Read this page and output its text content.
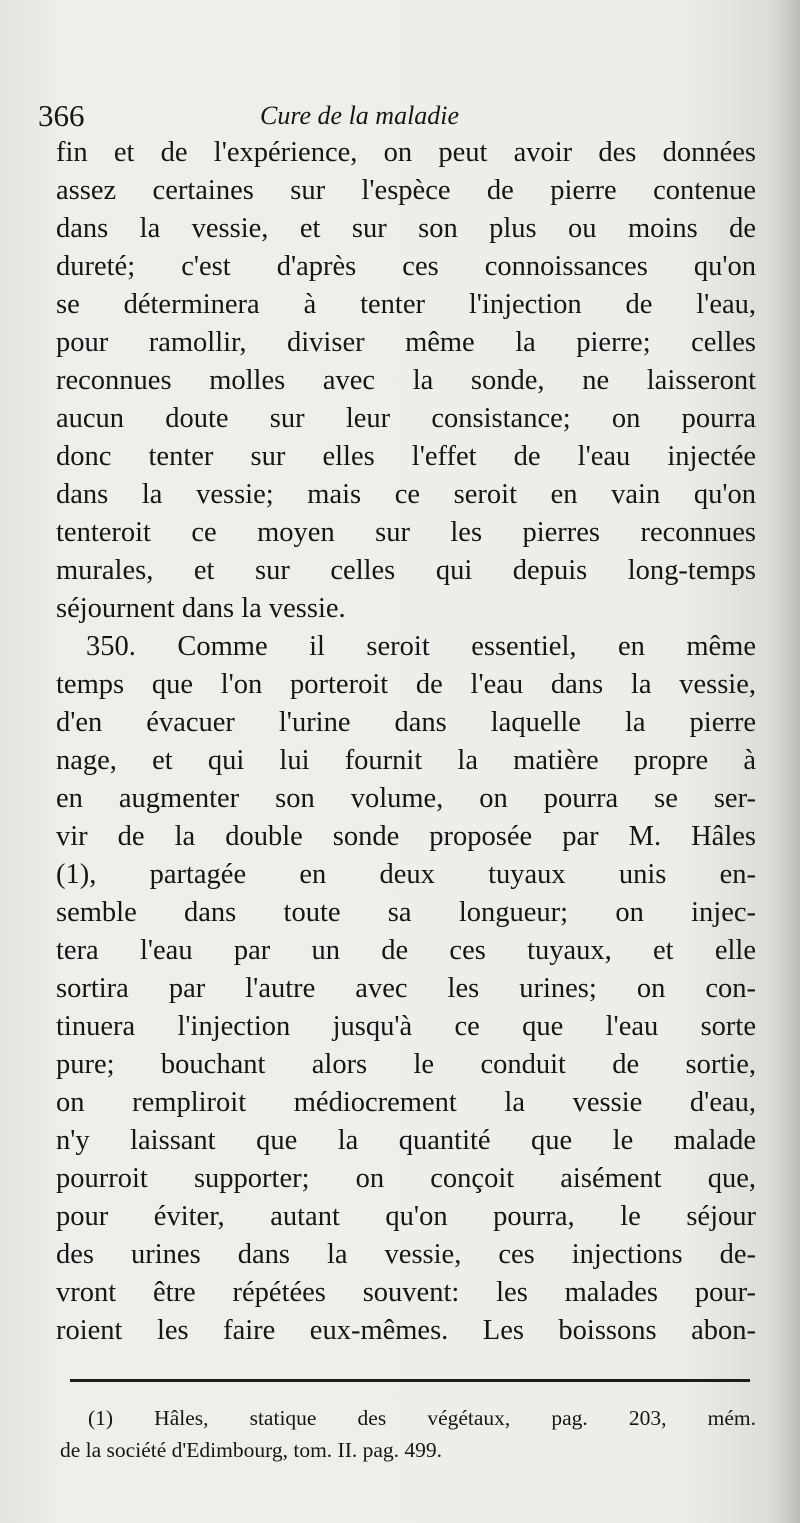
366	Cure de la maladie
fin et de l'expérience, on peut avoir des données
assez certaines sur l'espèce de pierre contenue
dans la vessie, et sur son plus ou moins de
dureté; c'est d'après ces connoissances qu'on
se déterminera à tenter l'injection de l'eau,
pour ramollir, diviser même la pierre; celles
reconnues molles avec la sonde, ne laisseront
aucun doute sur leur consistance; on pourra
donc tenter sur elles l'effet de l'eau injectée
dans la vessie; mais ce seroit en vain qu'on
tenteroit ce moyen sur les pierres reconnues
murales, et sur celles qui depuis long-temps
séjournent dans la vessie.
350. Comme il seroit essentiel, en même
temps que l'on porteroit de l'eau dans la vessie,
d'en évacuer l'urine dans laquelle la pierre
nage, et qui lui fournit la matière propre à
en augmenter son volume, on pourra se ser-
vir de la double sonde proposée par M. Hâles
(1), partagée en deux tuyaux unis en-
semble dans toute sa longueur; on injec-
tera l'eau par un de ces tuyaux, et elle
sortira par l'autre avec les urines; on con-
tinuera l'injection jusqu'à ce que l'eau sorte
pure; bouchant alors le conduit de sortie,
on rempliroit médiocrement la vessie d'eau,
n'y laissant que la quantité que le malade
pourroit supporter; on conçoit aisément que,
pour éviter, autant qu'on pourra, le séjour
des urines dans la vessie, ces injections de-
vront être répétées souvent: les malades pour-
roient les faire eux-mêmes. Les boissons abon-
(1) Hâles, statique des végétaux, pag. 203, mém.
de la société d'Edimbourg, tom. II. pag. 499.
